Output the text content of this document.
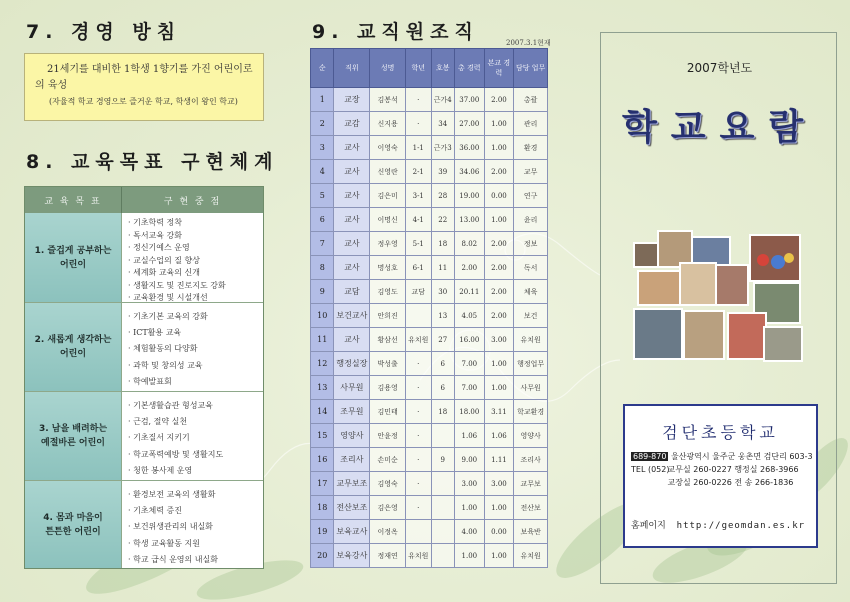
7. 경영 방침
21세기를 대비한 1학생 1향기를 가진 어린이로
의 육성
(자율적 학교 경영으로 즐거운 학교, 학생이 왕인 학교)
8. 교육목표 구현체계
교 육 목 표	구 현 중 점
1. 즐겁게 공부하는
어린이
· 기초학력 정착
· 독서교육 강화
· 정신기예스 운영
· 교실수업의 질 향상
· 세계화 교육의 신개
· 생활지도 및 진로지도 강화
· 교육환경 및 시설개선
2. 새롭게 생각하는
어린이
· 기초기본 교육의 강화
· ICT활용 교육
· 체험활동의 다양화
· 과학 및 창의성 교육
· 학예발표회
3. 남을 배려하는
예절바른 어린이
· 기본생활습관 형성교육
· 근검, 절약 실천
· 기초질서 지키기
· 학교폭력예방 및 생활지도
· 청한 봉사제 운영
4. 몸과 마음이
튼튼한 어린이
· 환경보전 교육의 생활화
· 기초체력 증진
· 보건위생관리의 내실화
· 학생 교육활동 지원
· 학교 급식 운영의 내실화
9. 교직원조직	2007.3.1현재
순	직위	성명	학년	호봉	총 경력	본교 경력	담당 업무
1	교장	김봉석	·	근가4	37.00	2.00	총괄
2	교감	신지용	·	34	27.00	1.00	관리
3	교사	이영숙	1-1	근가3	36.00	1.00	환경
4	교사	신영란	2-1	39	34.06	2.00	교무
5	교사	김은미	3-1	28	19.00	0.00	연구
6	교사	이명신	4-1	22	13.00	1.00	윤리
7	교사	정우영	5-1	18	8.02	2.00	정보
8	교사	명성호	6-1	11	2.00	2.00	독서
9	교담	김영도	교담	30	20.11	2.00	체육
10	보건교사	안희진		13	4.05	2.00	보건
11	교사	황삼선	유치원	27	16.00	3.00	유치원
12	행정실장	박성출	·	6	7.00	1.00	행정업무
13	사무원	김용영	·	6	7.00	1.00	사무원
14	조무원	김민태	·	18	18.00	3.11	학교환경
15	영양사	안윤정	·		1.06	1.06	영양사
16	조리사	손미순	·	9	9.00	1.11	조리사
17	교무보조	김영숙	·		3.00	3.00	교무보
18	전산보조	김은영	·		1.00	1.00	전산보
19	보육교사	이정옥			4.00	0.00	보육반
20	보육강사	정재연	유치원		1.00	1.00	유치원
2007학년도
학교요람
검단초등학교
689-870 울산광역시 울주군 웅촌면 검단리 603-3
TEL (052) 교무실 260-0227 행정실 268-3966
교장실 260-0226 전 송 266-1836
홈페이지 http://geomdan.es.kr
